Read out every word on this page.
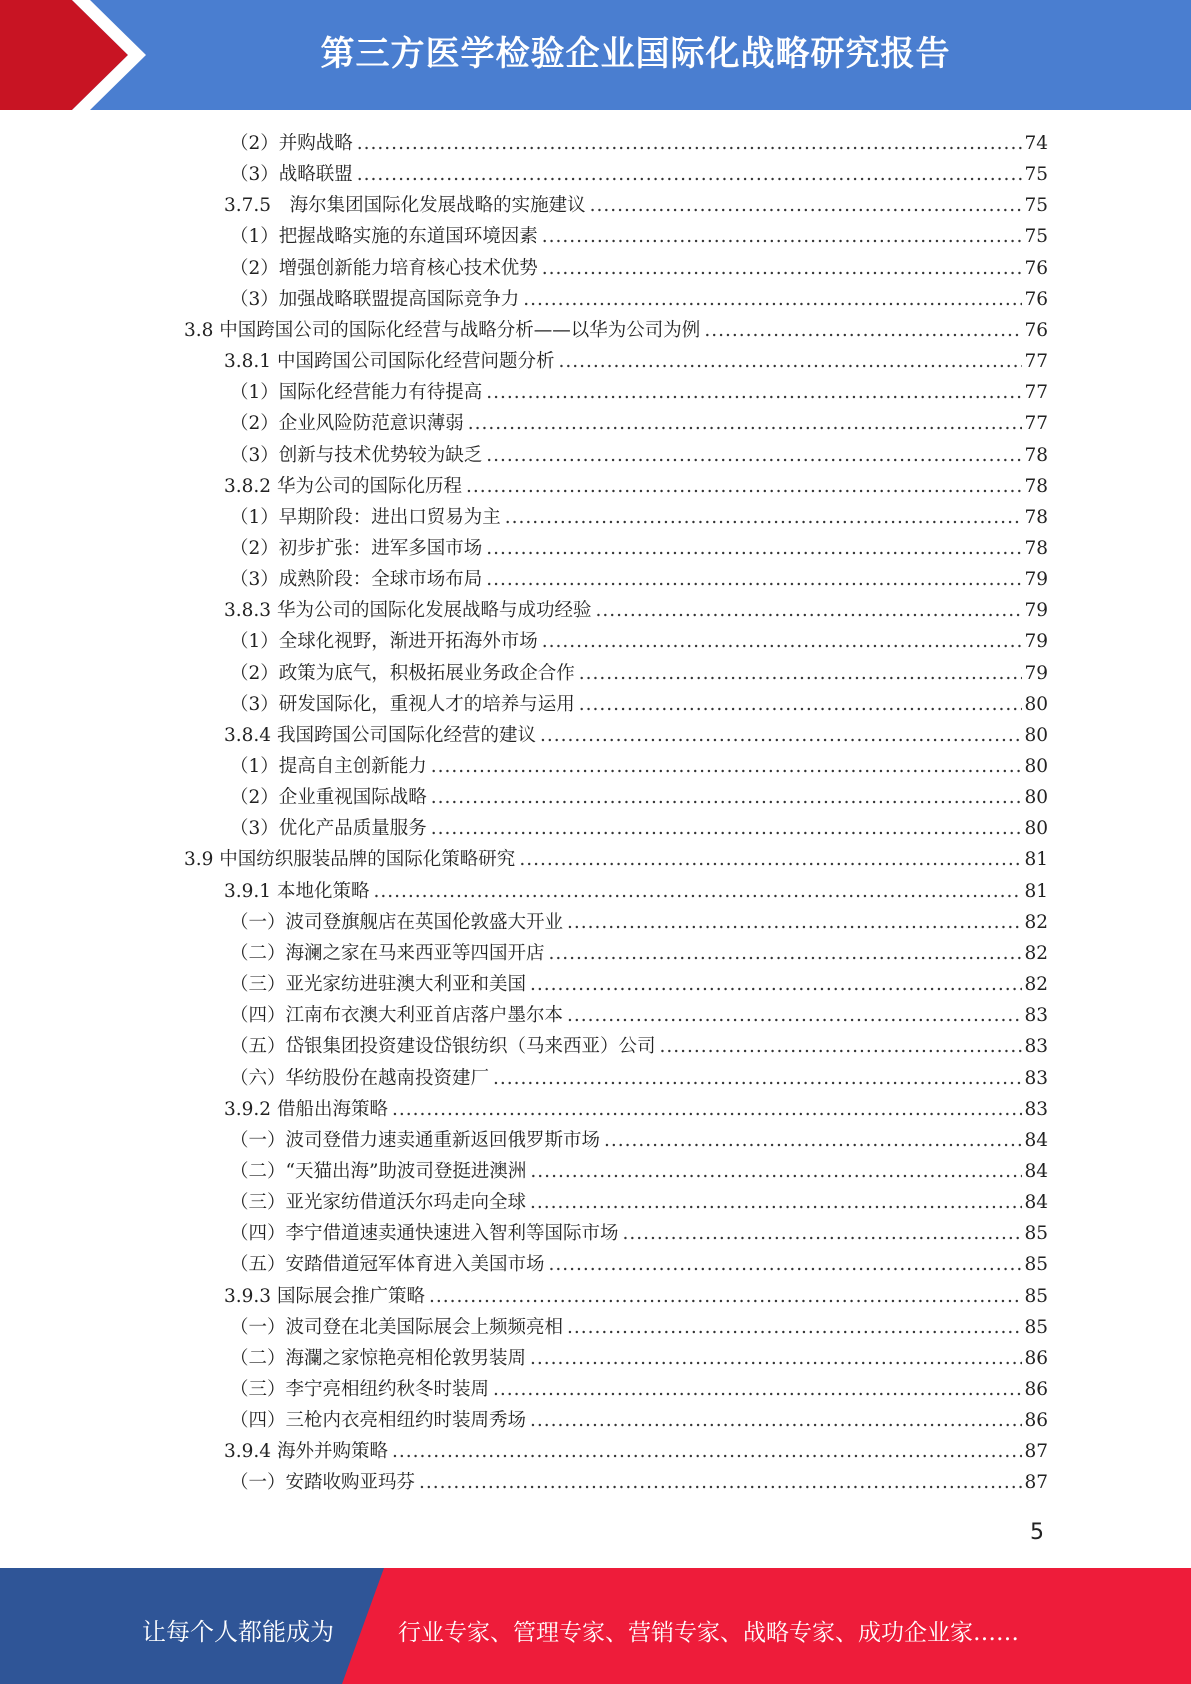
第三方医学检验企业国际化战略研究报告
（2）并购战略 .....	74
（3）战略联盟 .....	75
3.7.5　海尔集团国际化发展战略的实施建议 .....	75
（1）把握战略实施的东道国环境因素 .....	75
（2）增强创新能力培育核心技术优势 .....	76
（3）加强战略联盟提高国际竞争力 .....	76
3.8 中国跨国公司的国际化经营与战略分析——以华为公司为例 .....	76
3.8.1 中国跨国公司国际化经营问题分析 .....	77
（1）国际化经营能力有待提高 .....	77
（2）企业风险防范意识薄弱 .....	77
（3）创新与技术优势较为缺乏 .....	78
3.8.2 华为公司的国际化历程 .....	78
（1）早期阶段：进出口贸易为主 .....	78
（2）初步扩张：进军多国市场 .....	78
（3）成熟阶段：全球市场布局 .....	79
3.8.3 华为公司的国际化发展战略与成功经验 .....	79
（1）全球化视野，渐进开拓海外市场 .....	79
（2）政策为底气，积极拓展业务政企合作 .....	79
（3）研发国际化，重视人才的培养与运用 .....	80
3.8.4 我国跨国公司国际化经营的建议 .....	80
（1）提高自主创新能力 .....	80
（2）企业重视国际战略 .....	80
（3）优化产品质量服务 .....	80
3.9 中国纺织服装品牌的国际化策略研究 .....	81
3.9.1 本地化策略 .....	81
（一）波司登旗舰店在英国伦敦盛大开业 .....	82
（二）海澜之家在马来西亚等四国开店 .....	82
（三）亚光家纺进驻澳大利亚和美国 .....	82
（四）江南布衣澳大利亚首店落户墨尔本 .....	83
（五）岱银集团投资建设岱银纺织（马来西亚）公司 .....	83
（六）华纺股份在越南投资建厂 .....	83
3.9.2 借船出海策略 .....	83
（一）波司登借力速卖通重新返回俄罗斯市场 .....	84
（二）“天猫出海”助波司登挺进澳洲 .....	84
（三）亚光家纺借道沃尔玛走向全球 .....	84
（四）李宁借道速卖通快速进入智利等国际市场 .....	85
（五）安踏借道冠军体育进入美国市场 .....	85
3.9.3 国际展会推广策略 .....	85
（一）波司登在北美国际展会上频频亮相 .....	85
（二）海瀾之家惊艳亮相伦敦男装周 .....	86
（三）李宁亮相纽约秋冬时装周 .....	86
（四）三枪内衣亮相纽约时装周秀场 .....	86
3.9.4 海外并购策略 .....	87
（一）安踏收购亚玛芬 .....	87
5
让每个人都能成为	行业专家、管理专家、营销专家、战略专家、成功企业家……
